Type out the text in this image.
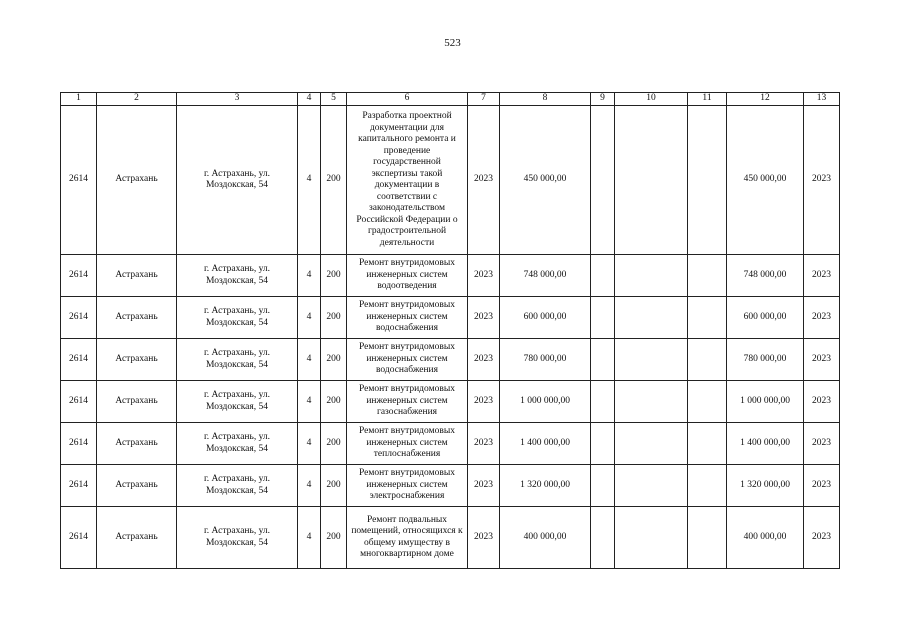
523
1	2	3	4	5	6	7	8	9	10	11	12	13
2614	Астрахань	г. Астрахань, ул. Моздокская, 54	4	200	Разработка проектной документации для капитального ремонта и проведение государственной экспертизы такой документации в соответствии с законодательством Российской Федерации о градостроительной деятельности	2023	450 000,00				450 000,00	2023
2614	Астрахань	г. Астрахань, ул. Моздокская, 54	4	200	Ремонт внутридомовых инженерных систем водоотведения	2023	748 000,00				748 000,00	2023
2614	Астрахань	г. Астрахань, ул. Моздокская, 54	4	200	Ремонт внутридомовых инженерных систем водоснабжения	2023	600 000,00				600 000,00	2023
2614	Астрахань	г. Астрахань, ул. Моздокская, 54	4	200	Ремонт внутридомовых инженерных систем водоснабжения	2023	780 000,00				780 000,00	2023
2614	Астрахань	г. Астрахань, ул. Моздокская, 54	4	200	Ремонт внутридомовых инженерных систем газоснабжения	2023	1 000 000,00				1 000 000,00	2023
2614	Астрахань	г. Астрахань, ул. Моздокская, 54	4	200	Ремонт внутридомовых инженерных систем теплоснабжения	2023	1 400 000,00				1 400 000,00	2023
2614	Астрахань	г. Астрахань, ул. Моздокская, 54	4	200	Ремонт внутридомовых инженерных систем электроснабжения	2023	1 320 000,00				1 320 000,00	2023
2614	Астрахань	г. Астрахань, ул. Моздокская, 54	4	200	Ремонт подвальных помещений, относящихся к общему имуществу в многоквартирном доме	2023	400 000,00				400 000,00	2023
